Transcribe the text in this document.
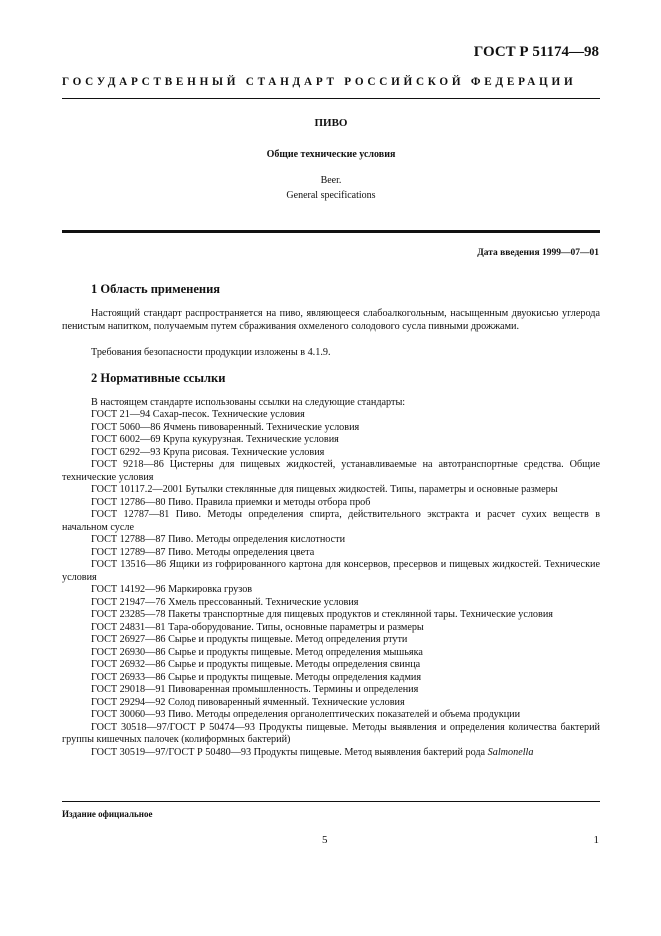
ГОСТ Р 51174—98
ГОСУДАРСТВЕННЫЙ СТАНДАРТ РОССИЙСКОЙ ФЕДЕРАЦИИ
ПИВО
Общие технические условия
Beer.
General specifications
Дата введения 1999—07—01
1 Область применения
Настоящий стандарт распространяется на пиво, являющееся слабоалкогольным, насыщенным двуокисью углерода пенистым напитком, получаемым путем сбраживания охмеленого солодового сусла пивными дрожжами.
Требования безопасности продукции изложены в 4.1.9.
2 Нормативные ссылки
В настоящем стандарте использованы ссылки на следующие стандарты:
ГОСТ 21—94 Сахар-песок. Технические условия
ГОСТ 5060—86 Ячмень пивоваренный. Технические условия
ГОСТ 6002—69 Крупа кукурузная. Технические условия
ГОСТ 6292—93 Крупа рисовая. Технические условия
ГОСТ 9218—86 Цистерны для пищевых жидкостей, устанавливаемые на автотранспортные средства. Общие технические условия
ГОСТ 10117.2—2001 Бутылки стеклянные для пищевых жидкостей. Типы, параметры и основные размеры
ГОСТ 12786—80 Пиво. Правила приемки и методы отбора проб
ГОСТ 12787—81 Пиво. Методы определения спирта, действительного экстракта и расчет сухих веществ в начальном сусле
ГОСТ 12788—87 Пиво. Методы определения кислотности
ГОСТ 12789—87 Пиво. Методы определения цвета
ГОСТ 13516—86 Ящики из гофрированного картона для консервов, пресервов и пищевых жидкостей. Технические условия
ГОСТ 14192—96 Маркировка грузов
ГОСТ 21947—76 Хмель прессованный. Технические условия
ГОСТ 23285—78 Пакеты транспортные для пищевых продуктов и стеклянной тары. Технические условия
ГОСТ 24831—81 Тара-оборудование. Типы, основные параметры и размеры
ГОСТ 26927—86 Сырье и продукты пищевые. Метод определения ртути
ГОСТ 26930—86 Сырье и продукты пищевые. Метод определения мышьяка
ГОСТ 26932—86 Сырье и продукты пищевые. Методы определения свинца
ГОСТ 26933—86 Сырье и продукты пищевые. Методы определения кадмия
ГОСТ 29018—91 Пивоваренная промышленность. Термины и определения
ГОСТ 29294—92 Солод пивоваренный ячменный. Технические условия
ГОСТ 30060—93 Пиво. Методы определения органолептических показателей и объема продукции
ГОСТ 30518—97/ГОСТ Р 50474—93 Продукты пищевые. Методы выявления и определения количества бактерий группы кишечных палочек (колиформных бактерий)
ГОСТ 30519—97/ГОСТ Р 50480—93 Продукты пищевые. Метод выявления бактерий рода Salmonella
Издание официальное
5	1
